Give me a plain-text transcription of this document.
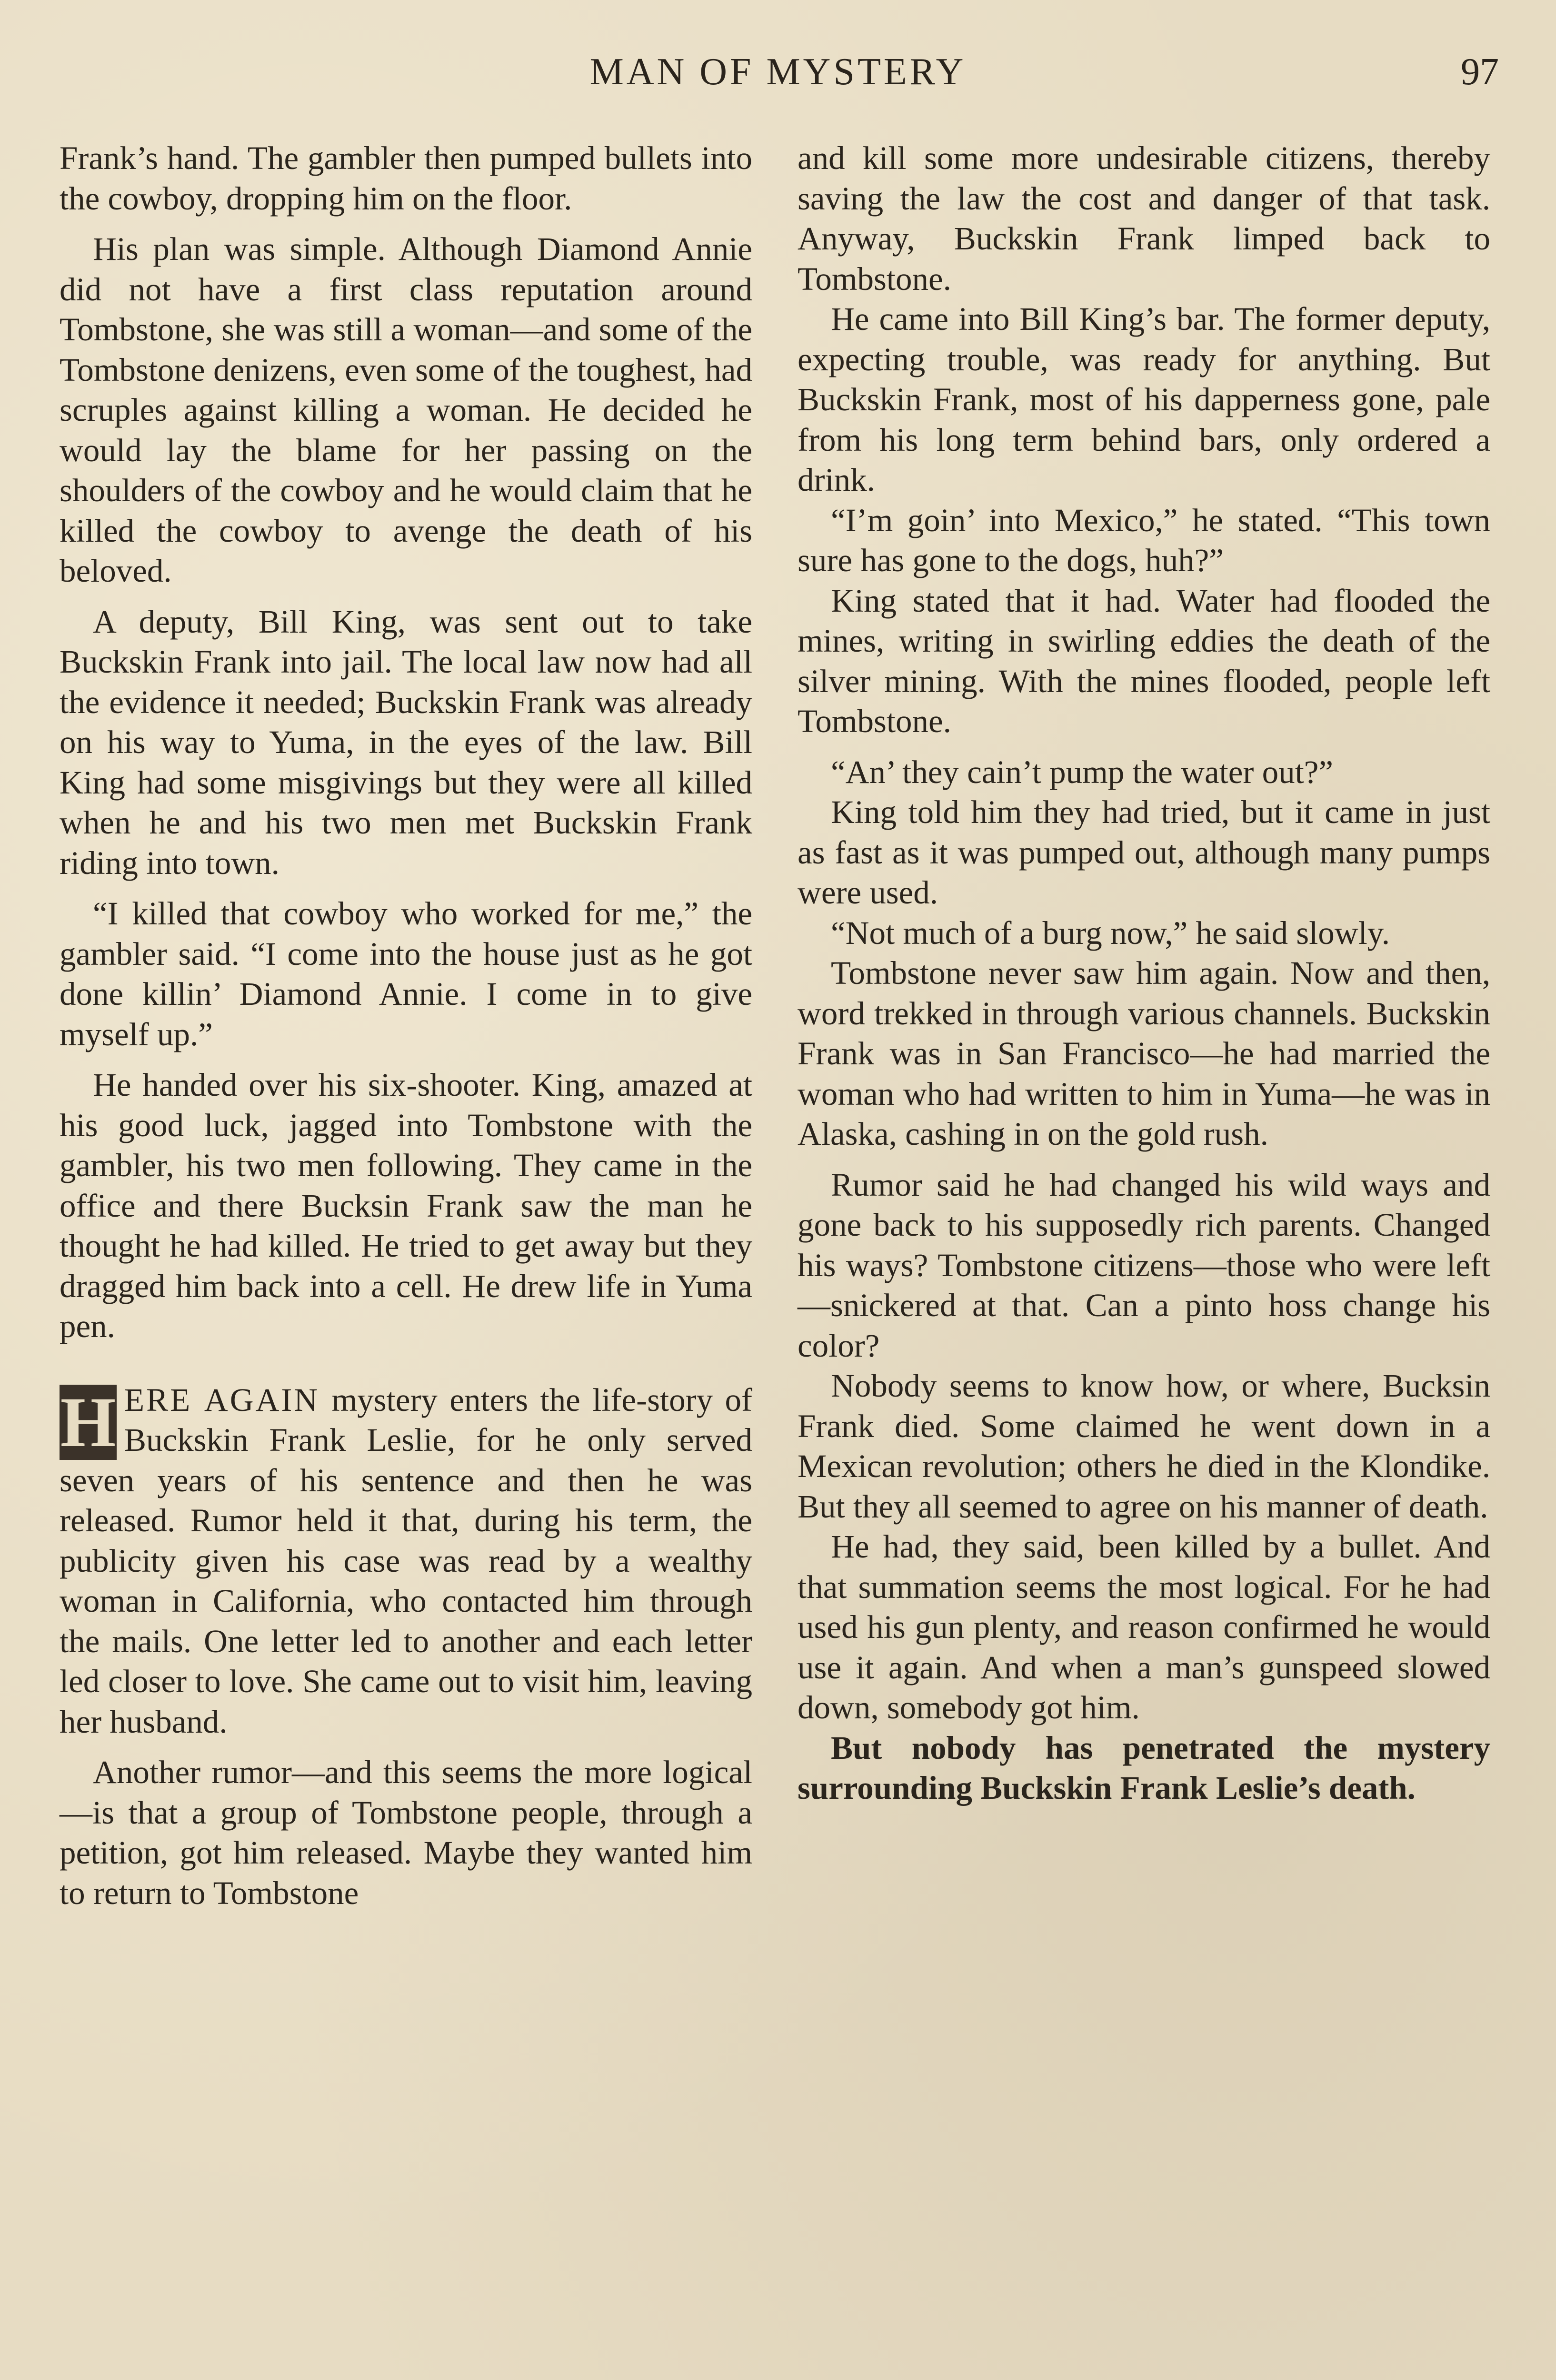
MAN OF MYSTERY	97

Frank’s hand. The gambler then pumped bullets into the cowboy, dropping him on the floor.

His plan was simple. Although Diamond Annie did not have a first class reputation around Tombstone, she was still a woman—and some of the Tombstone denizens, even some of the toughest, had scruples against killing a woman. He decided he would lay the blame for her passing on the shoulders of the cowboy and he would claim that he killed the cowboy to avenge the death of his beloved.

A deputy, Bill King, was sent out to take Buckskin Frank into jail. The local law now had all the evidence it needed; Buckskin Frank was already on his way to Yuma, in the eyes of the law. Bill King had some misgivings but they were all killed when he and his two men met Buckskin Frank riding into town.

“I killed that cowboy who worked for me,” the gambler said. “I come into the house just as he got done killin’ Diamond Annie. I come in to give myself up.”

He handed over his six-shooter. King, amazed at his good luck, jagged into Tombstone with the gambler, his two men following. They came in the office and there Bucksin Frank saw the man he thought he had killed. He tried to get away but they dragged him back into a cell. He drew life in Yuma pen.

H ERE AGAIN mystery enters the life-story of Buckskin Frank Leslie, for he only served seven years of his sentence and then he was released. Rumor held it that, during his term, the publicity given his case was read by a wealthy woman in California, who contacted him through the mails. One letter led to another and each letter led closer to love. She came out to visit him, leaving her husband.

Another rumor—and this seems the more logical—is that a group of Tombstone people, through a petition, got him released. Maybe they wanted him to return to Tombstone

and kill some more undesirable citizens, thereby saving the law the cost and danger of that task. Anyway, Buckskin Frank limped back to Tombstone.

He came into Bill King’s bar. The former deputy, expecting trouble, was ready for anything. But Buckskin Frank, most of his dapperness gone, pale from his long term behind bars, only ordered a drink.

“I’m goin’ into Mexico,” he stated. “This town sure has gone to the dogs, huh?”

King stated that it had. Water had flooded the mines, writing in swirling eddies the death of the silver mining. With the mines flooded, people left Tombstone.

“An’ they cain’t pump the water out?”

King told him they had tried, but it came in just as fast as it was pumped out, although many pumps were used.

“Not much of a burg now,” he said slowly.

Tombstone never saw him again. Now and then, word trekked in through various channels. Buckskin Frank was in San Francisco—he had married the woman who had written to him in Yuma—he was in Alaska, cashing in on the gold rush.

Rumor said he had changed his wild ways and gone back to his supposedly rich parents. Changed his ways? Tombstone citizens—those who were left—snickered at that. Can a pinto hoss change his color?

Nobody seems to know how, or where, Bucksin Frank died. Some claimed he went down in a Mexican revolution; others he died in the Klondike. But they all seemed to agree on his manner of death.

He had, they said, been killed by a bullet. And that summation seems the most logical. For he had used his gun plenty, and reason confirmed he would use it again. And when a man’s gunspeed slowed down, somebody got him.

But nobody has penetrated the mystery surrounding Buckskin Frank Leslie’s death.
